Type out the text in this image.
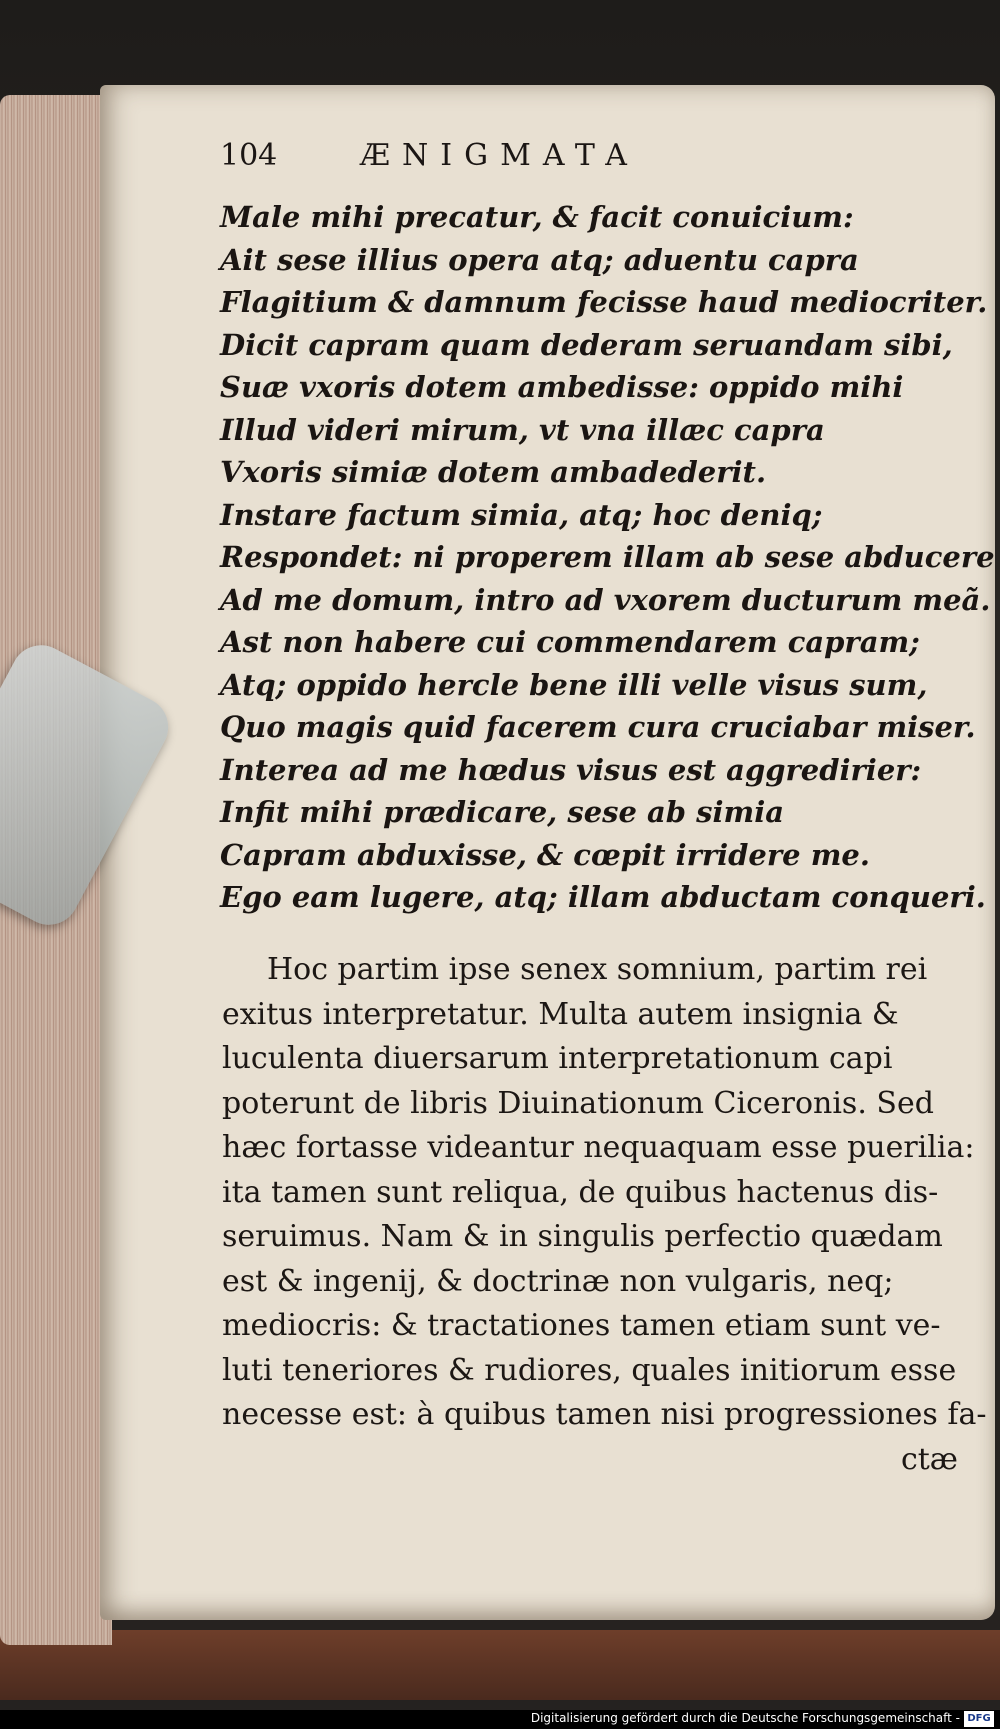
104	ÆNIGMATA
Male mihi precatur, & facit conuicium:
Ait sese illius opera atq; aduentu capra
Flagitium & damnum fecisse haud mediocriter.
Dicit capram quam dederam seruandam sibi,
Suæ vxoris dotem ambedisse: oppido mihi
Illud videri mirum, vt vna illæc capra
Vxoris simiæ dotem ambadederit.
Instare factum simia, atq; hoc deniq;
Respondet: ni properem illam ab sese abducere
Ad me domum, intro ad vxorem ducturum meã.
Ast non habere cui commendarem capram;
Atq; oppido hercle bene illi velle visus sum,
Quo magis quid facerem cura cruciabar miser.
Interea ad me hœdus visus est aggredirier:
Infit mihi prædicare, sese ab simia
Capram abduxisse, & cœpit irridere me.
Ego eam lugere, atq; illam abductam conqueri.
Hoc partim ipse senex somnium, partim rei
exitus interpretatur. Multa autem insignia &
luculenta diuersarum interpretationum capi
poterunt de libris Diuinationum Ciceronis. Sed
hæc fortasse videantur nequaquam esse puerilia:
ita tamen sunt reliqua, de quibus hactenus dis-
seruimus. Nam & in singulis perfectio quædam
est & ingenij, & doctrinæ non vulgaris, neq;
mediocris: & tractationes tamen etiam sunt ve-
luti teneriores & rudiores, quales initiorum esse
necesse est: à quibus tamen nisi progressiones fa-
ctæ
Digitalisierung gefördert durch die Deutsche Forschungsgemeinschaft - DFG
